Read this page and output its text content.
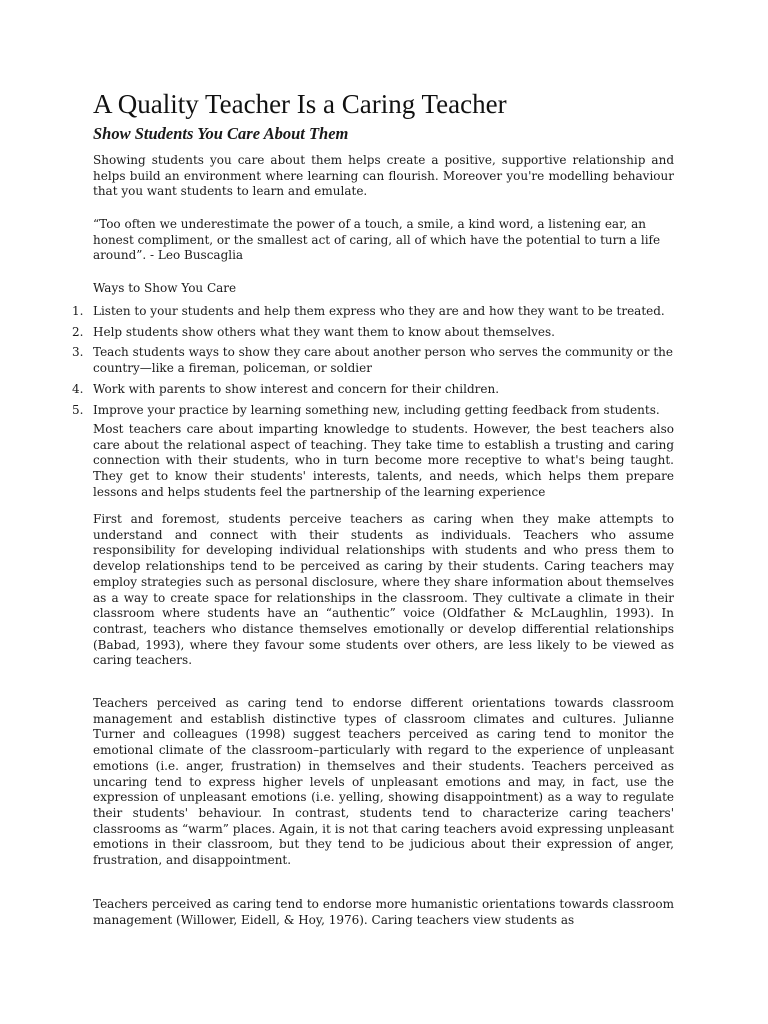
A Quality Teacher Is a Caring Teacher
Show Students You Care About Them

Showing students you care about them helps create a positive, supportive relationship and helps build an environment where learning can flourish. Moreover you're modelling behaviour that you want students to learn and emulate.

“Too often we underestimate the power of a touch, a smile, a kind word, a listening ear, an honest compliment, or the smallest act of caring, all of which have the potential to turn a life around”. - Leo Buscaglia

Ways to Show You Care

1. Listen to your students and help them express who they are and how they want to be treated.
2. Help students show others what they want them to know about themselves.
3. Teach students ways to show they care about another person who serves the community or the country—like a fireman, policeman, or soldier
4. Work with parents to show interest and concern for their children.
5. Improve your practice by learning something new, including getting feedback from students.

Most teachers care about imparting knowledge to students. However, the best teachers also care about the relational aspect of teaching. They take time to establish a trusting and caring connection with their students, who in turn become more receptive to what's being taught. They get to know their students' interests, talents, and needs, which helps them prepare lessons and helps students feel the partnership of the learning experience

First and foremost, students perceive teachers as caring when they make attempts to understand and connect with their students as individuals. Teachers who assume responsibility for developing individual relationships with students and who press them to develop relationships tend to be perceived as caring by their students. Caring teachers may employ strategies such as personal disclosure, where they share information about themselves as a way to create space for relationships in the classroom. They cultivate a climate in their classroom where students have an “authentic” voice (Oldfather & McLaughlin, 1993). In contrast, teachers who distance themselves emotionally or develop differential relationships (Babad, 1993), where they favour some students over others, are less likely to be viewed as caring teachers.

Teachers perceived as caring tend to endorse different orientations towards classroom management and establish distinctive types of classroom climates and cultures. Julianne Turner and colleagues (1998) suggest teachers perceived as caring tend to monitor the emotional climate of the classroom–particularly with regard to the experience of unpleasant emotions (i.e. anger, frustration) in themselves and their students. Teachers perceived as uncaring tend to express higher levels of unpleasant emotions and may, in fact, use the expression of unpleasant emotions (i.e. yelling, showing disappointment) as a way to regulate their students' behaviour. In contrast, students tend to characterize caring teachers' classrooms as “warm” places. Again, it is not that caring teachers avoid expressing unpleasant emotions in their classroom, but they tend to be judicious about their expression of anger, frustration, and disappointment.

Teachers perceived as caring tend to endorse more humanistic orientations towards classroom management (Willower, Eidell, & Hoy, 1976). Caring teachers view students as
